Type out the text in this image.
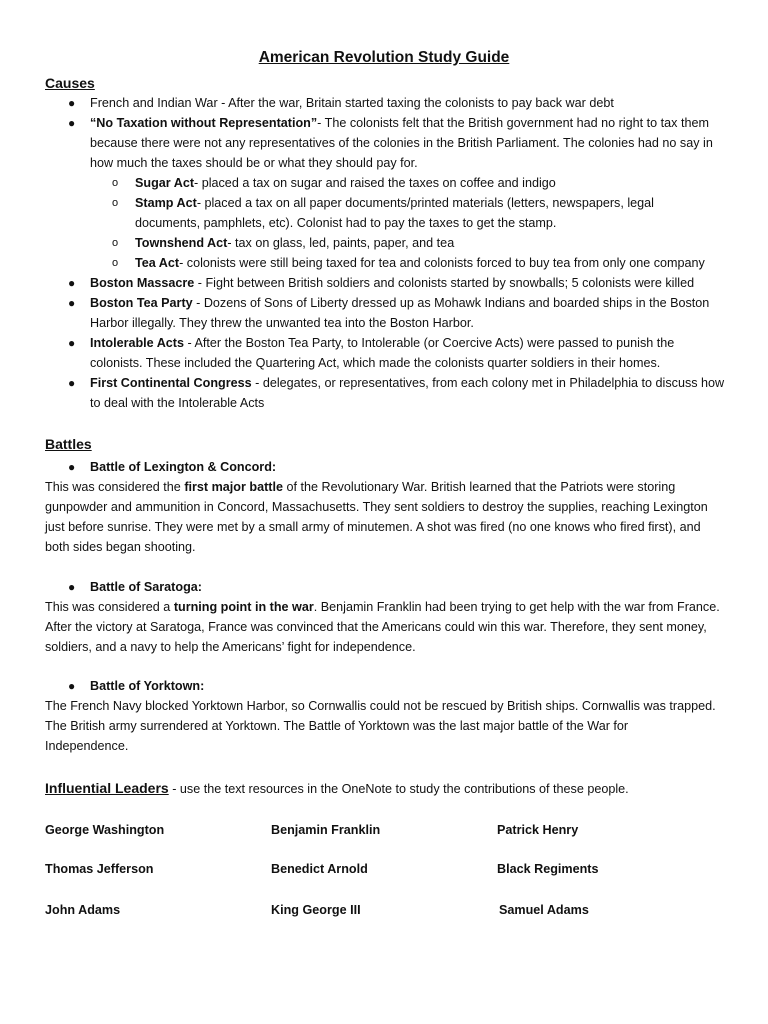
American Revolution Study Guide
Causes
● French and Indian War - After the war, Britain started taxing the colonists to pay back war debt
● “No Taxation without Representation”- The colonists felt that the British government had no right to tax them
because there were not any representatives of the colonies in the British Parliament. The colonies had no say in
how much the taxes should be or what they should pay for.
o Sugar Act- placed a tax on sugar and raised the taxes on coffee and indigo
o Stamp Act- placed a tax on all paper documents/printed materials (letters, newspapers, legal
documents, pamphlets, etc). Colonist had to pay the taxes to get the stamp.
o Townshend Act- tax on glass, led, paints, paper, and tea
o Tea Act- colonists were still being taxed for tea and colonists forced to buy tea from only one company
● Boston Massacre - Fight between British soldiers and colonists started by snowballs; 5 colonists were killed
● Boston Tea Party - Dozens of Sons of Liberty dressed up as Mohawk Indians and boarded ships in the Boston
Harbor illegally. They threw the unwanted tea into the Boston Harbor.
● Intolerable Acts - After the Boston Tea Party, to Intolerable (or Coercive Acts) were passed to punish the
colonists. These included the Quartering Act, which made the colonists quarter soldiers in their homes.
● First Continental Congress - delegates, or representatives, from each colony met in Philadelphia to discuss how
to deal with the Intolerable Acts
Battles
● Battle of Lexington & Concord:
This was considered the first major battle of the Revolutionary War. British learned that the Patriots were storing
gunpowder and ammunition in Concord, Massachusetts. They sent soldiers to destroy the supplies, reaching Lexington
just before sunrise. They were met by a small army of minutemen. A shot was fired (no one knows who fired first), and
both sides began shooting.
● Battle of Saratoga:
This was considered a turning point in the war. Benjamin Franklin had been trying to get help with the war from France.
After the victory at Saratoga, France was convinced that the Americans could win this war. Therefore, they sent money,
soldiers, and a navy to help the Americans’ fight for independence.
● Battle of Yorktown:
The French Navy blocked Yorktown Harbor, so Cornwallis could not be rescued by British ships. Cornwallis was trapped.
The British army surrendered at Yorktown. The Battle of Yorktown was the last major battle of the War for
Independence.
Influential Leaders - use the text resources in the OneNote to study the contributions of these people.
George Washington	Benjamin Franklin	Patrick Henry
Thomas Jefferson	Benedict Arnold	Black Regiments
John Adams	King George III	Samuel Adams
